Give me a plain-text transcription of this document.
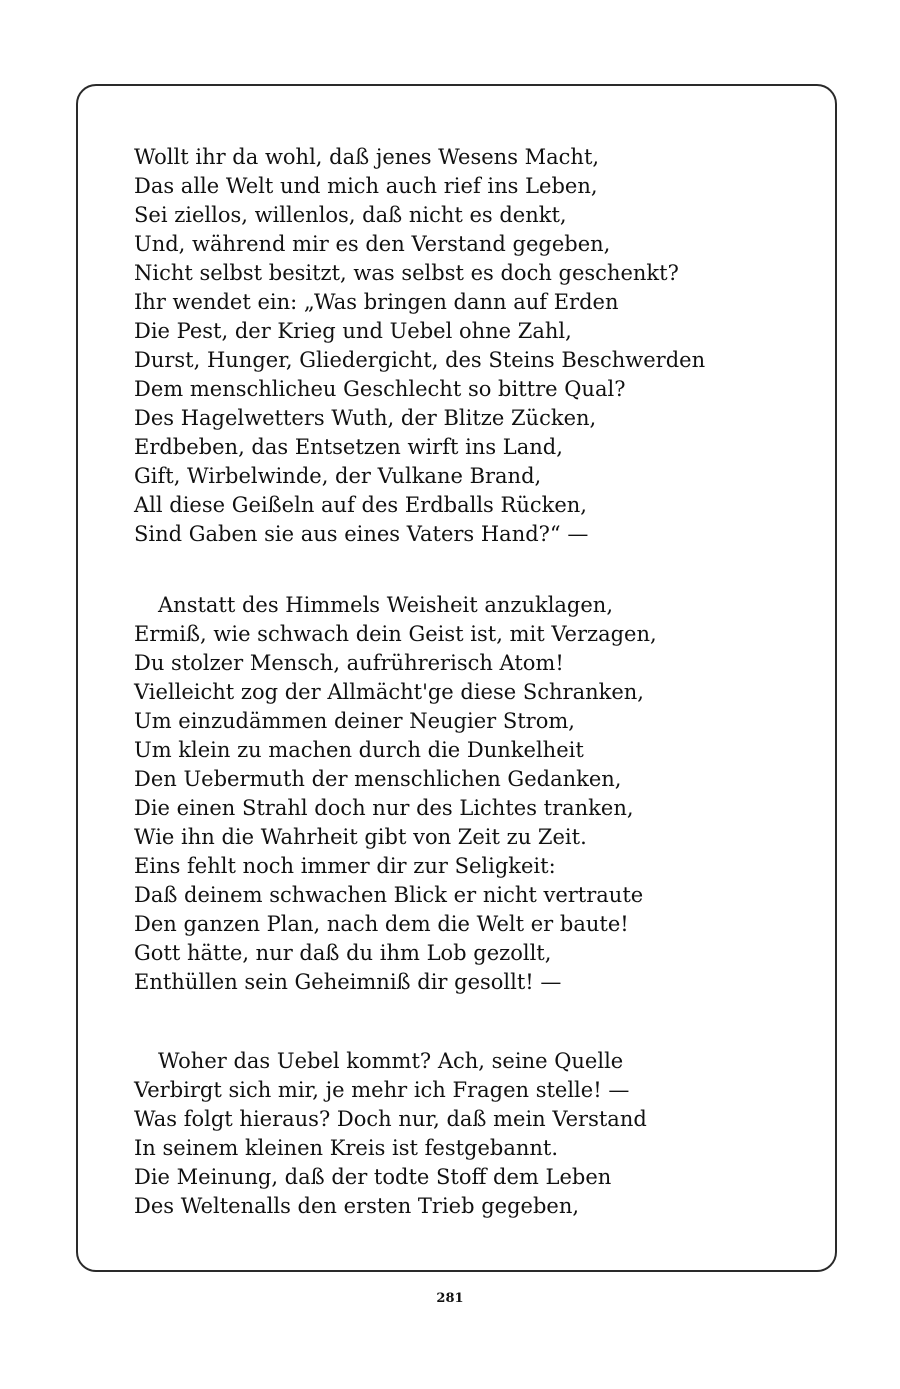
Wollt ihr da wohl, daß jenes Wesens Macht,
Das alle Welt und mich auch rief ins Leben,
Sei ziellos, willenlos, daß nicht es denkt,
Und, während mir es den Verstand gegeben,
Nicht selbst besitzt, was selbst es doch geschenkt?
Ihr wendet ein: „Was bringen dann auf Erden
Die Pest, der Krieg und Uebel ohne Zahl,
Durst, Hunger, Gliedergicht, des Steins Beschwerden
Dem menschlicheu Geschlecht so bittre Qual?
Des Hagelwetters Wuth, der Blitze Zücken,
Erdbeben, das Entsetzen wirft ins Land,
Gift, Wirbelwinde, der Vulkane Brand,
All diese Geißeln auf des Erdballs Rücken,
Sind Gaben sie aus eines Vaters Hand?“ —
Anstatt des Himmels Weisheit anzuklagen,
Ermiß, wie schwach dein Geist ist, mit Verzagen,
Du stolzer Mensch, aufrührerisch Atom!
Vielleicht zog der Allmächt'ge diese Schranken,
Um einzudämmen deiner Neugier Strom,
Um klein zu machen durch die Dunkelheit
Den Uebermuth der menschlichen Gedanken,
Die einen Strahl doch nur des Lichtes tranken,
Wie ihn die Wahrheit gibt von Zeit zu Zeit.
Eins fehlt noch immer dir zur Seligkeit:
Daß deinem schwachen Blick er nicht vertraute
Den ganzen Plan, nach dem die Welt er baute!
Gott hätte, nur daß du ihm Lob gezollt,
Enthüllen sein Geheimniß dir gesollt! —
Woher das Uebel kommt? Ach, seine Quelle
Verbirgt sich mir, je mehr ich Fragen stelle! —
Was folgt hieraus? Doch nur, daß mein Verstand
In seinem kleinen Kreis ist festgebannt.
Die Meinung, daß der todte Stoff dem Leben
Des Weltenalls den ersten Trieb gegeben,
281
